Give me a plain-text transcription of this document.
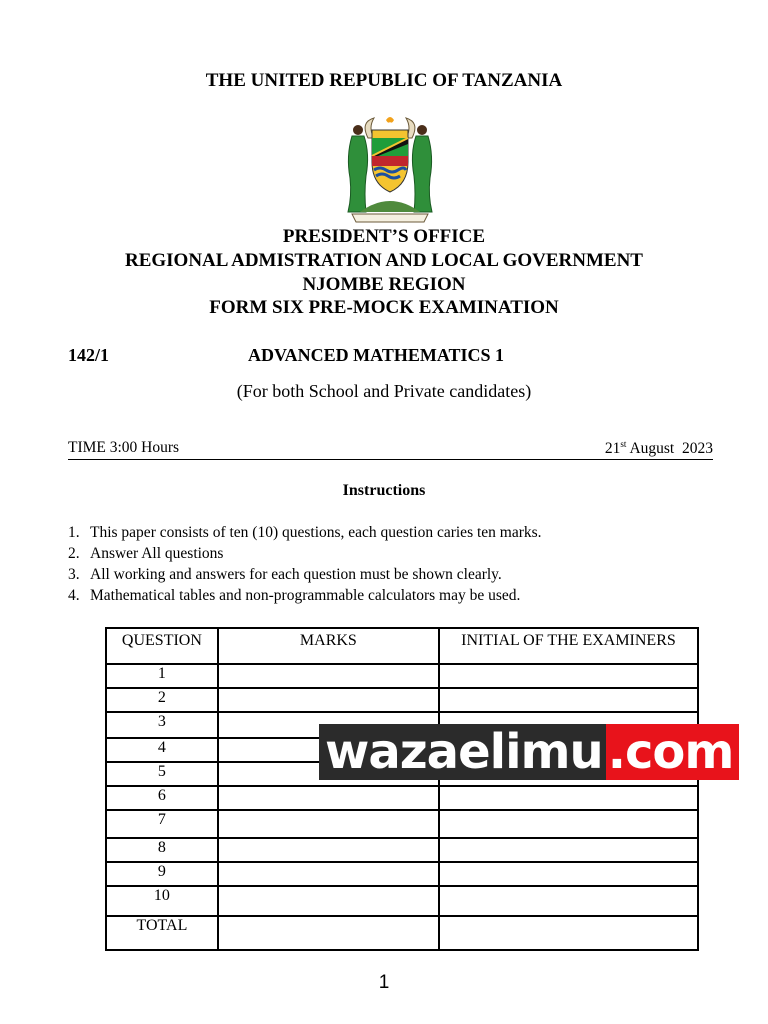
THE UNITED REPUBLIC OF TANZANIA
PRESIDENT’S OFFICE
REGIONAL ADMISTRATION AND LOCAL GOVERNMENT
NJOMBE REGION
FORM SIX PRE-MOCK EXAMINATION
142/1	ADVANCED MATHEMATICS 1
(For both School and Private candidates)
TIME 3:00 Hours	21st August  2023
Instructions
1. This paper consists of ten (10) questions, each question caries ten marks.
2. Answer All questions
3. All working and answers for each question must be shown clearly.
4. Mathematical tables and non-programmable calculators may be used.
QUESTION	MARKS	INITIAL OF THE EXAMINERS
1		
2		
3		
4		
5		
6		
7		
8		
9		
10		
TOTAL		
wazaelimu .com
1
